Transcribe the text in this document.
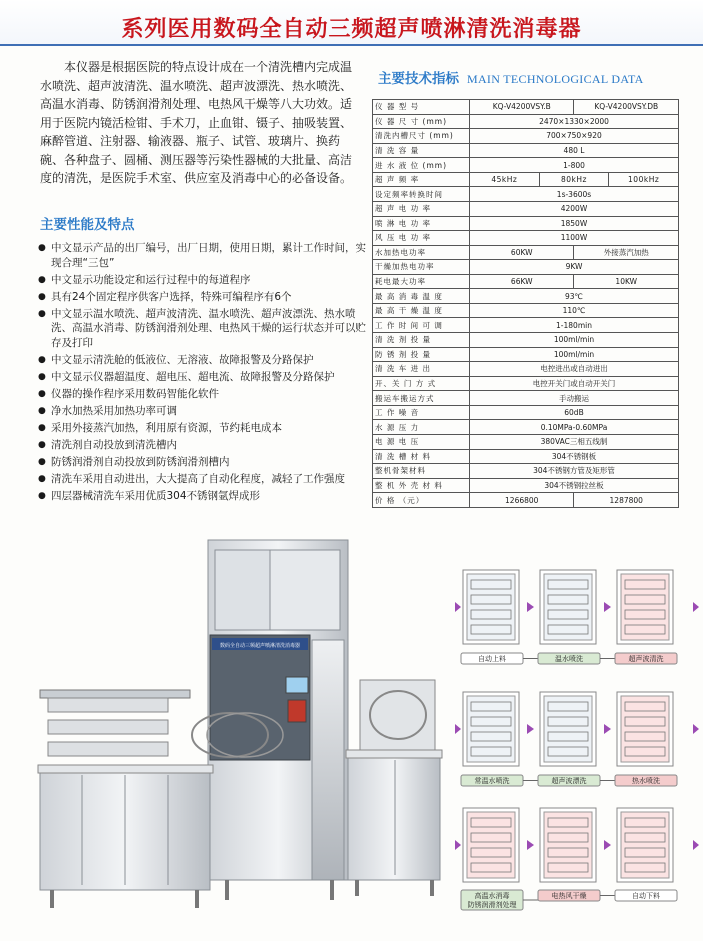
系列医用数码全自动三频超声喷淋清洗消毒器

本仪器是根据医院的特点设计成在一个清洗槽内完成温水喷洗、超声波清洗、温水喷洗、超声波漂洗、热水喷洗、高温水消毒、防锈润滑剂处理、电热风干燥等八大功效。适用于医院内镜活检钳、手术刀，止血钳、镊子、抽吸装置、麻醉管道、注射器、输液器、瓶子、试管、玻璃片、换药碗、各种盘子、圆桶、测压器等污染性器械的大批量、高洁度的清洗，是医院手术室、供应室及消毒中心的必备设备。

主要性能及特点
● 中文显示产品的出厂编号，出厂日期，使用日期，累计工作时间，实现合理“三包”
● 中文显示功能设定和运行过程中的每道程序
● 具有24个固定程序供客户选择，特殊可编程序有6个
● 中文显示温水喷洗、超声波清洗、温水喷洗、超声波漂洗、热水喷洗、高温水消毒、防锈润滑剂处理、电热风干燥的运行状态并可以贮存及打印
● 中文显示清洗舱的低液位、无溶液、故障报警及分路保护
● 中文显示仪器超温度、超电压、超电流、故障报警及分路保护
● 仪器的操作程序采用数码智能化软件
● 净水加热采用加热功率可调
● 采用外接蒸汽加热，利用原有资源，节约耗电成本
● 清洗剂自动投放到清洗槽内
● 防锈润滑剂自动投放到防锈润滑剂槽内
● 清洗车采用自动进出，大大提高了自动化程度，减轻了工作强度
● 四层器械清洗车采用优质304不锈钢氩焊成形
主要技术指标 MAIN TECHNOLOGICAL DATA
仪 器 型 号	KQ-V4200VSY.B		KQ-V4200VSY.DB	
仪 器 尺 寸 (mm)	2470×1330×2000			
清洗内槽尺寸 (mm)	700×750×920			
清 洗 容 量	480 L			
进 水 液 位 (mm)	1-800			
超 声 频 率	45kHz	80kHz		100kHz
设定频率转换时间	1s-3600s			
超 声 电 功 率	4200W			
喷 淋 电 功 率	1850W			
风 压 电 功 率	1100W			
水加热电功率	60KW		外接蒸汽加热	
干燥加热电功率	9KW			
耗电最大功率	66KW		10KW	
最 高 消 毒 温 度	93℃			
最 高 干 燥 温 度	110℃			
工 作 时 间 可 调	1-180min			
清 洗 剂 投 量	100ml/min			
防 锈 剂 投 量	100ml/min			
清 洗 车 进 出	电控进出或自动进出			
开、关 门 方 式	电控开关门或自动开关门			
搬运车搬运方式	手动搬运			
工 作 噪 音	60dB			
水 源 压 力	0.10MPa-0.60MPa			
电 源 电 压	380VAC三相五线制			
清 洗 槽 材 料	304不锈钢板			
整机骨架材料	304不锈钢方管及矩形管			
整 机 外 壳 材 料	304不锈钢拉丝板			
价 格 （元）	1266800		1287800	
数码全自动三频超声喷淋清洗消毒器
自动上料	温水喷洗	超声波清洗
常温水喷洗	超声波漂洗	热水喷洗
高温水消毒
防锈润滑剂处理
电热风干燥	自动下料
